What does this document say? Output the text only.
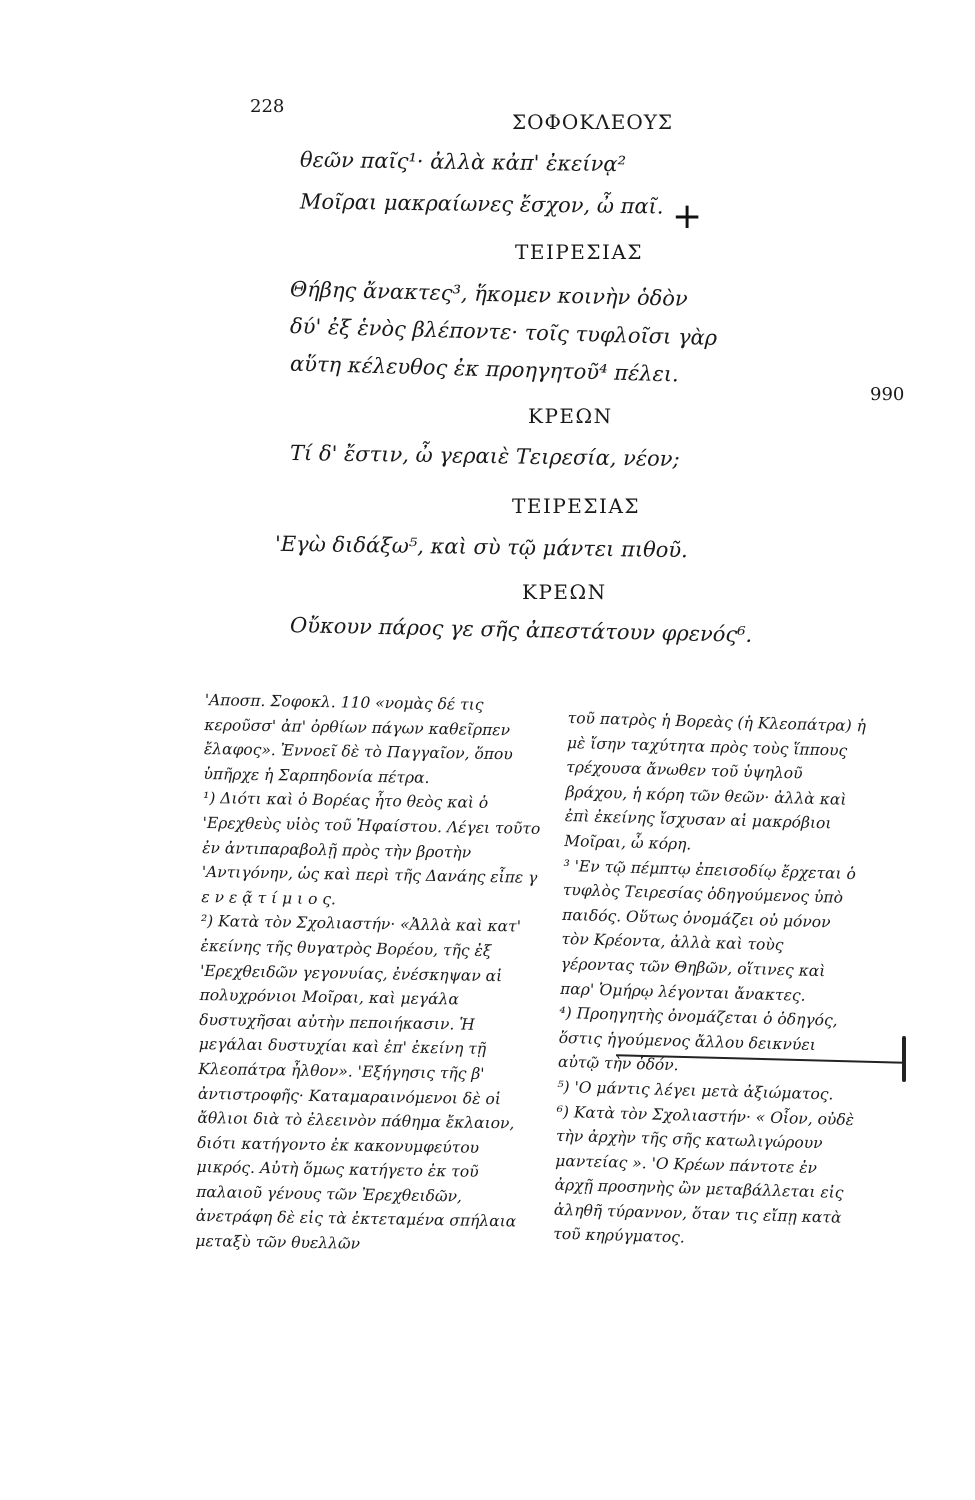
228
ΣΟΦΟΚΛΕΟΥΣ
θεῶν παῖς¹· ἀλλὰ κἀπ' ἐκείνᾳ²
Μοῖραι μακραίωνες ἔσχον, ὦ παῖ.
ΤΕΙΡΕΣΙΑΣ
Θήβης ἄνακτες³, ἥκομεν κοινὴν ὁδὸν
δύ' ἐξ ἑνὸς βλέποντε· τοῖς τυφλοῖσι γὰρ
αὕτη κέλευθος ἐκ προηγητοῦ⁴ πέλει.
990
ΚΡΕΩΝ
Τί δ' ἔστιν, ὦ γεραιὲ Τειρεσία, νέον;
ΤΕΙΡΕΣΙΑΣ
'Εγὼ διδάξω⁵, καὶ σὺ τῷ μάντει πιθοῦ.
ΚΡΕΩΝ
Οὔκουν πάρος γε σῆς ἀπεστάτουν φρενός⁶.

'Αποσπ. Σοφοκλ. 110 «νομὰς δέ τις κεροῦσσ' ἀπ' ὀρθίων πάγων καθεῖρπεν ἔλαφος». Ἐννοεῖ δὲ τὸ Παγγαῖον, ὅπου ὑπῆρχε ἡ Σαρπηδονία πέτρα.

¹) Διότι καὶ ὁ Βορέας ἦτο θεὸς καὶ ὁ 'Ερεχθεὺς υἱὸς τοῦ Ἡφαίστου. Λέγει τοῦτο ἐν ἀντιπαραβολῇ πρὸς τὴν βροτὴν 'Αντιγόνην, ὡς καὶ περὶ τῆς Δανάης εἶπε γ ε ν ε ᾷ τ ί μ ι ο ς.

²) Κατὰ τὸν Σχολιαστήν· «Ἀλλὰ καὶ κατ' ἐκείνης τῆς θυγατρὸς Βορέου, τῆς ἐξ 'Ερεχθειδῶν γεγονυίας, ἐνέσκηψαν αἱ πολυχρόνιοι Μοῖραι, καὶ μεγάλα δυστυχῆσαι αὐτὴν πεποιήκασιν. Ἡ μεγάλαι δυστυχίαι καὶ ἐπ' ἐκείνη τῇ Κλεοπάτρα ἦλθον». 'Εξήγησις τῆς β' ἀντιστροφῆς· Καταμαραινόμενοι δὲ οἱ ἄθλιοι διὰ τὸ ἐλεεινὸν πάθημα ἔκλαιον, διότι κατήγοντο ἐκ κακονυμφεύτου μικρός. Αὐτὴ ὅμως κατήγετο ἐκ τοῦ παλαιοῦ γένους τῶν Ἐρεχθειδῶν, ἀνετράφη δὲ εἰς τὰ ἐκτεταμένα σπήλαια μεταξὺ τῶν θυελλῶν

τοῦ πατρὸς ἡ Βορεὰς (ἡ Κλεοπάτρα) ἡ μὲ ἴσην ταχύτητα πρὸς τοὺς ἵππους τρέχουσα ἄνωθεν τοῦ ὑψηλοῦ βράχου, ἡ κόρη τῶν θεῶν· ἀλλὰ καὶ ἐπὶ ἐκείνης ἴσχυσαν αἱ μακρόβιοι Μοῖραι, ὦ κόρη.

³ 'Εν τῷ πέμπτῳ ἐπεισοδίῳ ἔρχεται ὁ τυφλὸς Τειρεσίας ὁδηγούμενος ὑπὸ παιδός. Οὕτως ὀνομάζει οὐ μόνον τὸν Κρέοντα, ἀλλὰ καὶ τοὺς γέροντας τῶν Θηβῶν, οἵτινες καὶ παρ' Ὁμήρῳ λέγονται ἄνακτες.

⁴) Προηγητὴς ὀνομάζεται ὁ ὁδηγός, ὅστις ἡγούμενος ἄλλου δεικνύει αὐτῷ τὴν ὁδόν.

⁵) 'Ο μάντις λέγει μετὰ ἀξιώματος.

⁶) Κατὰ τὸν Σχολιαστήν· « Οἷον, οὐδὲ τὴν ἀρχὴν τῆς σῆς κατωλιγώρουν μαντείας ». 'Ο Κρέων πάντοτε ἐν ἀρχῇ προσηνὴς ὢν μεταβάλλεται εἰς ἀληθῆ τύραννον, ὅταν τις εἴπῃ κατὰ τοῦ κηρύγματος.

+
